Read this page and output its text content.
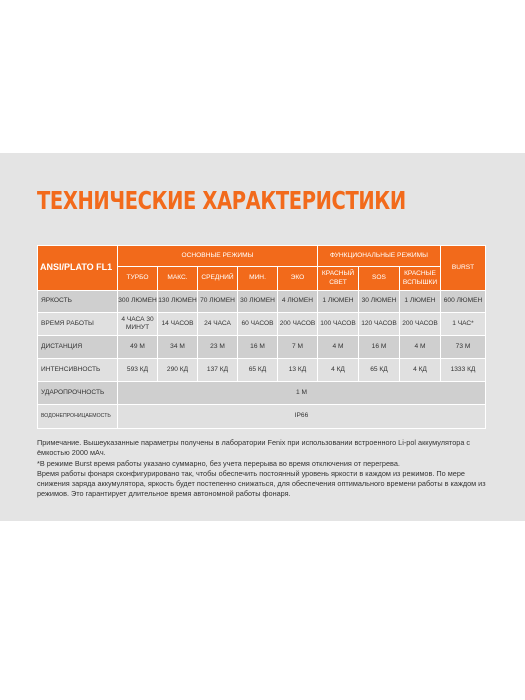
ТЕХНИЧЕСКИЕ ХАРАКТЕРИСТИКИ
ANSI/PLATO FL1	ОСНОВНЫЕ РЕЖИМЫ					ФУНКЦИОНАЛЬНЫЕ РЕЖИМЫ			BURST
	ТУРБО	МАКС.	СРЕДНИЙ	МИН.	ЭКО	КРАСНЫЙ СВЕТ	SOS	КРАСНЫЕ ВСПЫШКИ	
ЯРКОСТЬ	300 ЛЮМЕН	130 ЛЮМЕН	70 ЛЮМЕН	30 ЛЮМЕН	4 ЛЮМЕН	1 ЛЮМЕН	30 ЛЮМЕН	1 ЛЮМЕН	600 ЛЮМЕН
ВРЕМЯ РАБОТЫ	4 ЧАСА 30 МИНУТ	14 ЧАСОВ	24 ЧАСА	60 ЧАСОВ	200 ЧАСОВ	100 ЧАСОВ	120 ЧАСОВ	200 ЧАСОВ	1 ЧАС*
ДИСТАНЦИЯ	49 М	34 М	23 М	16 М	7 М	4 М	16 М	4 М	73 М
ИНТЕНСИВНОСТЬ	593 КД	290 КД	137 КД	65 КД	13 КД	4 КД	65 КД	4 КД	1333 КД
УДАРОПРОЧНОСТЬ	1 М								
ВОДОНЕПРОНИЦАЕМОСТЬ	IP66								

Примечание. Вышеуказанные параметры получены в лаборатории Fenix при использовании встроенного Li-pol аккумулятора с ёмкостью 2000 мАч.

*В режиме Burst время работы указано суммарно, без учета перерыва во время отключения от перегрева.

Время работы фонаря сконфигурировано так, чтобы обеспечить постоянный уровень яркости в каждом из режимов. По мере снижения заряда аккумулятора, яркость будет постепенно снижаться, для обеспечения оптимального времени работы в каждом из режимов. Это гарантирует длительное время автономной работы фонаря.
